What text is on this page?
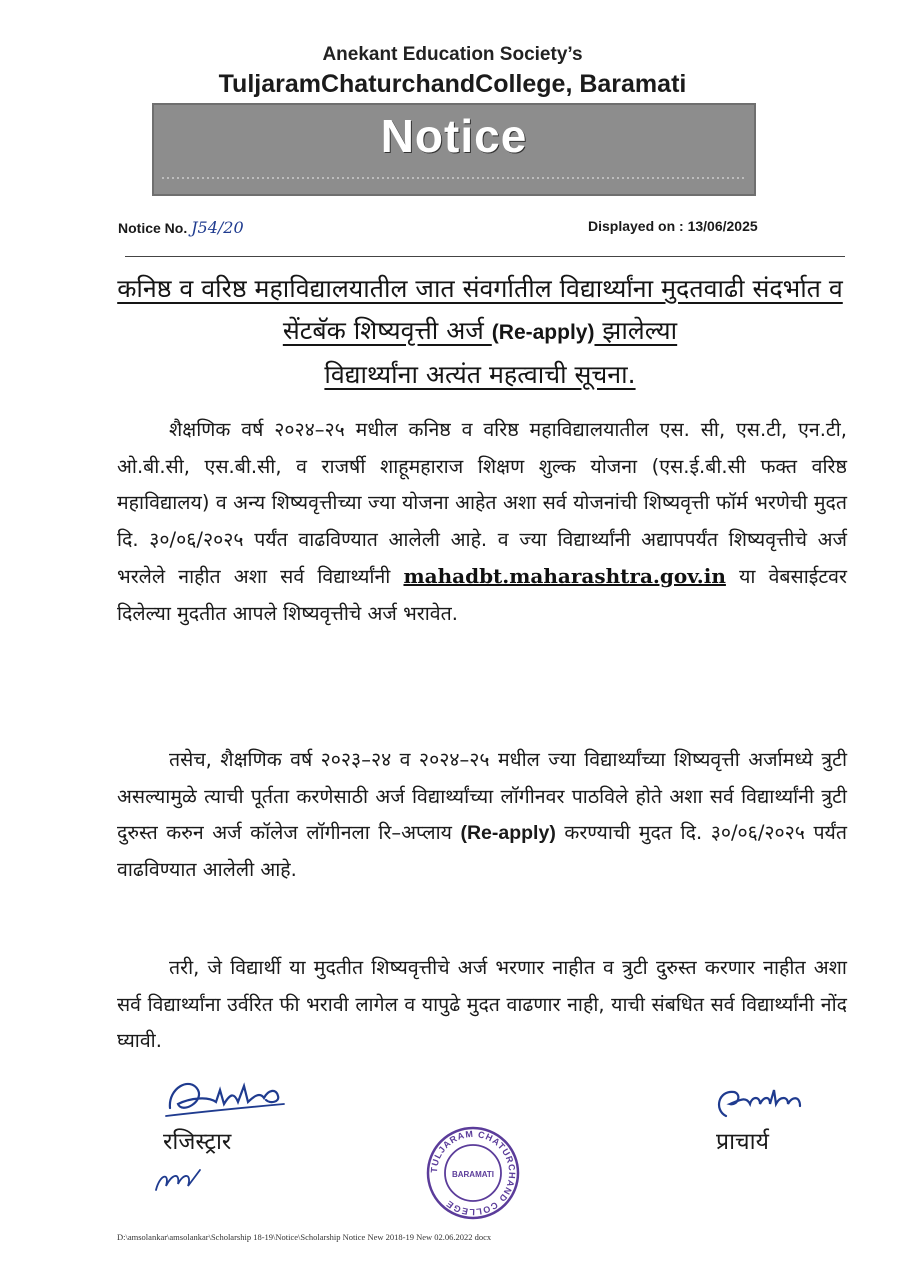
Anekant Education Society’s
TuljaramChaturchandCollege, Baramati
Notice
Notice No. J54/20	Displayed on : 13/06/2025
कनिष्ठ व वरिष्ठ महाविद्यालयातील जात संवर्गातील विद्यार्थ्यांना मुदतवाढी संदर्भात व सेंटबॅक शिष्यवृत्ती अर्ज (Re-apply) झालेल्या
विद्यार्थ्यांना अत्यंत महत्वाची सूचना.
शैक्षणिक वर्ष २०२४–२५ मधील कनिष्ठ व वरिष्ठ महाविद्यालयातील एस. सी, एस.टी, एन.टी, ओ.बी.सी, एस.बी.सी, व राजर्षी शाहूमहाराज शिक्षण शुल्क योजना (एस.ई.बी.सी फक्त वरिष्ठ महाविद्यालय) व अन्य शिष्यवृत्तीच्या ज्या योजना आहेत अशा सर्व योजनांची शिष्यवृत्ती फॉर्म भरणेची मुदत दि. ३०/०६/२०२५ पर्यंत वाढविण्यात आलेली आहे. व ज्या विद्यार्थ्यांनी अद्यापपर्यंत शिष्यवृत्तीचे अर्ज भरलेले नाहीत अशा सर्व विद्यार्थ्यांनी mahadbt.maharashtra.gov.in या वेबसाईटवर दिलेल्या मुदतीत आपले शिष्यवृत्तीचे अर्ज भरावेत.
तसेच, शैक्षणिक वर्ष २०२३–२४ व २०२४–२५ मधील ज्या विद्यार्थ्यांच्या शिष्यवृत्ती अर्जामध्ये त्रुटी असल्यामुळे त्याची पूर्तता करणेसाठी अर्ज विद्यार्थ्यांच्या लॉगीनवर पाठविले होते अशा सर्व विद्यार्थ्यांनी त्रुटी दुरुस्त करुन अर्ज कॉलेज लॉगीनला रि–अप्लाय (Re-apply) करण्याची मुदत दि. ३०/०६/२०२५ पर्यंत वाढविण्यात आलेली आहे.
तरी, जे विद्यार्थी या मुदतीत शिष्यवृत्तीचे अर्ज भरणार नाहीत व त्रुटी दुरुस्त करणार नाहीत अशा सर्व विद्यार्थ्यांना उर्वरित फी भरावी लागेल व यापुढे मुदत वाढणार नाही, याची संबधित सर्व विद्यार्थ्यांनी नोंद घ्यावी.
रजिस्ट्रार	प्राचार्य
TULJARAM CHATURCHAND COLLEGE
BARAMATI
D:\amsolankar\amsolankar\Scholarship 18-19\Notice\Scholarship Notice New 2018-19 New 02.06.2022 docx
